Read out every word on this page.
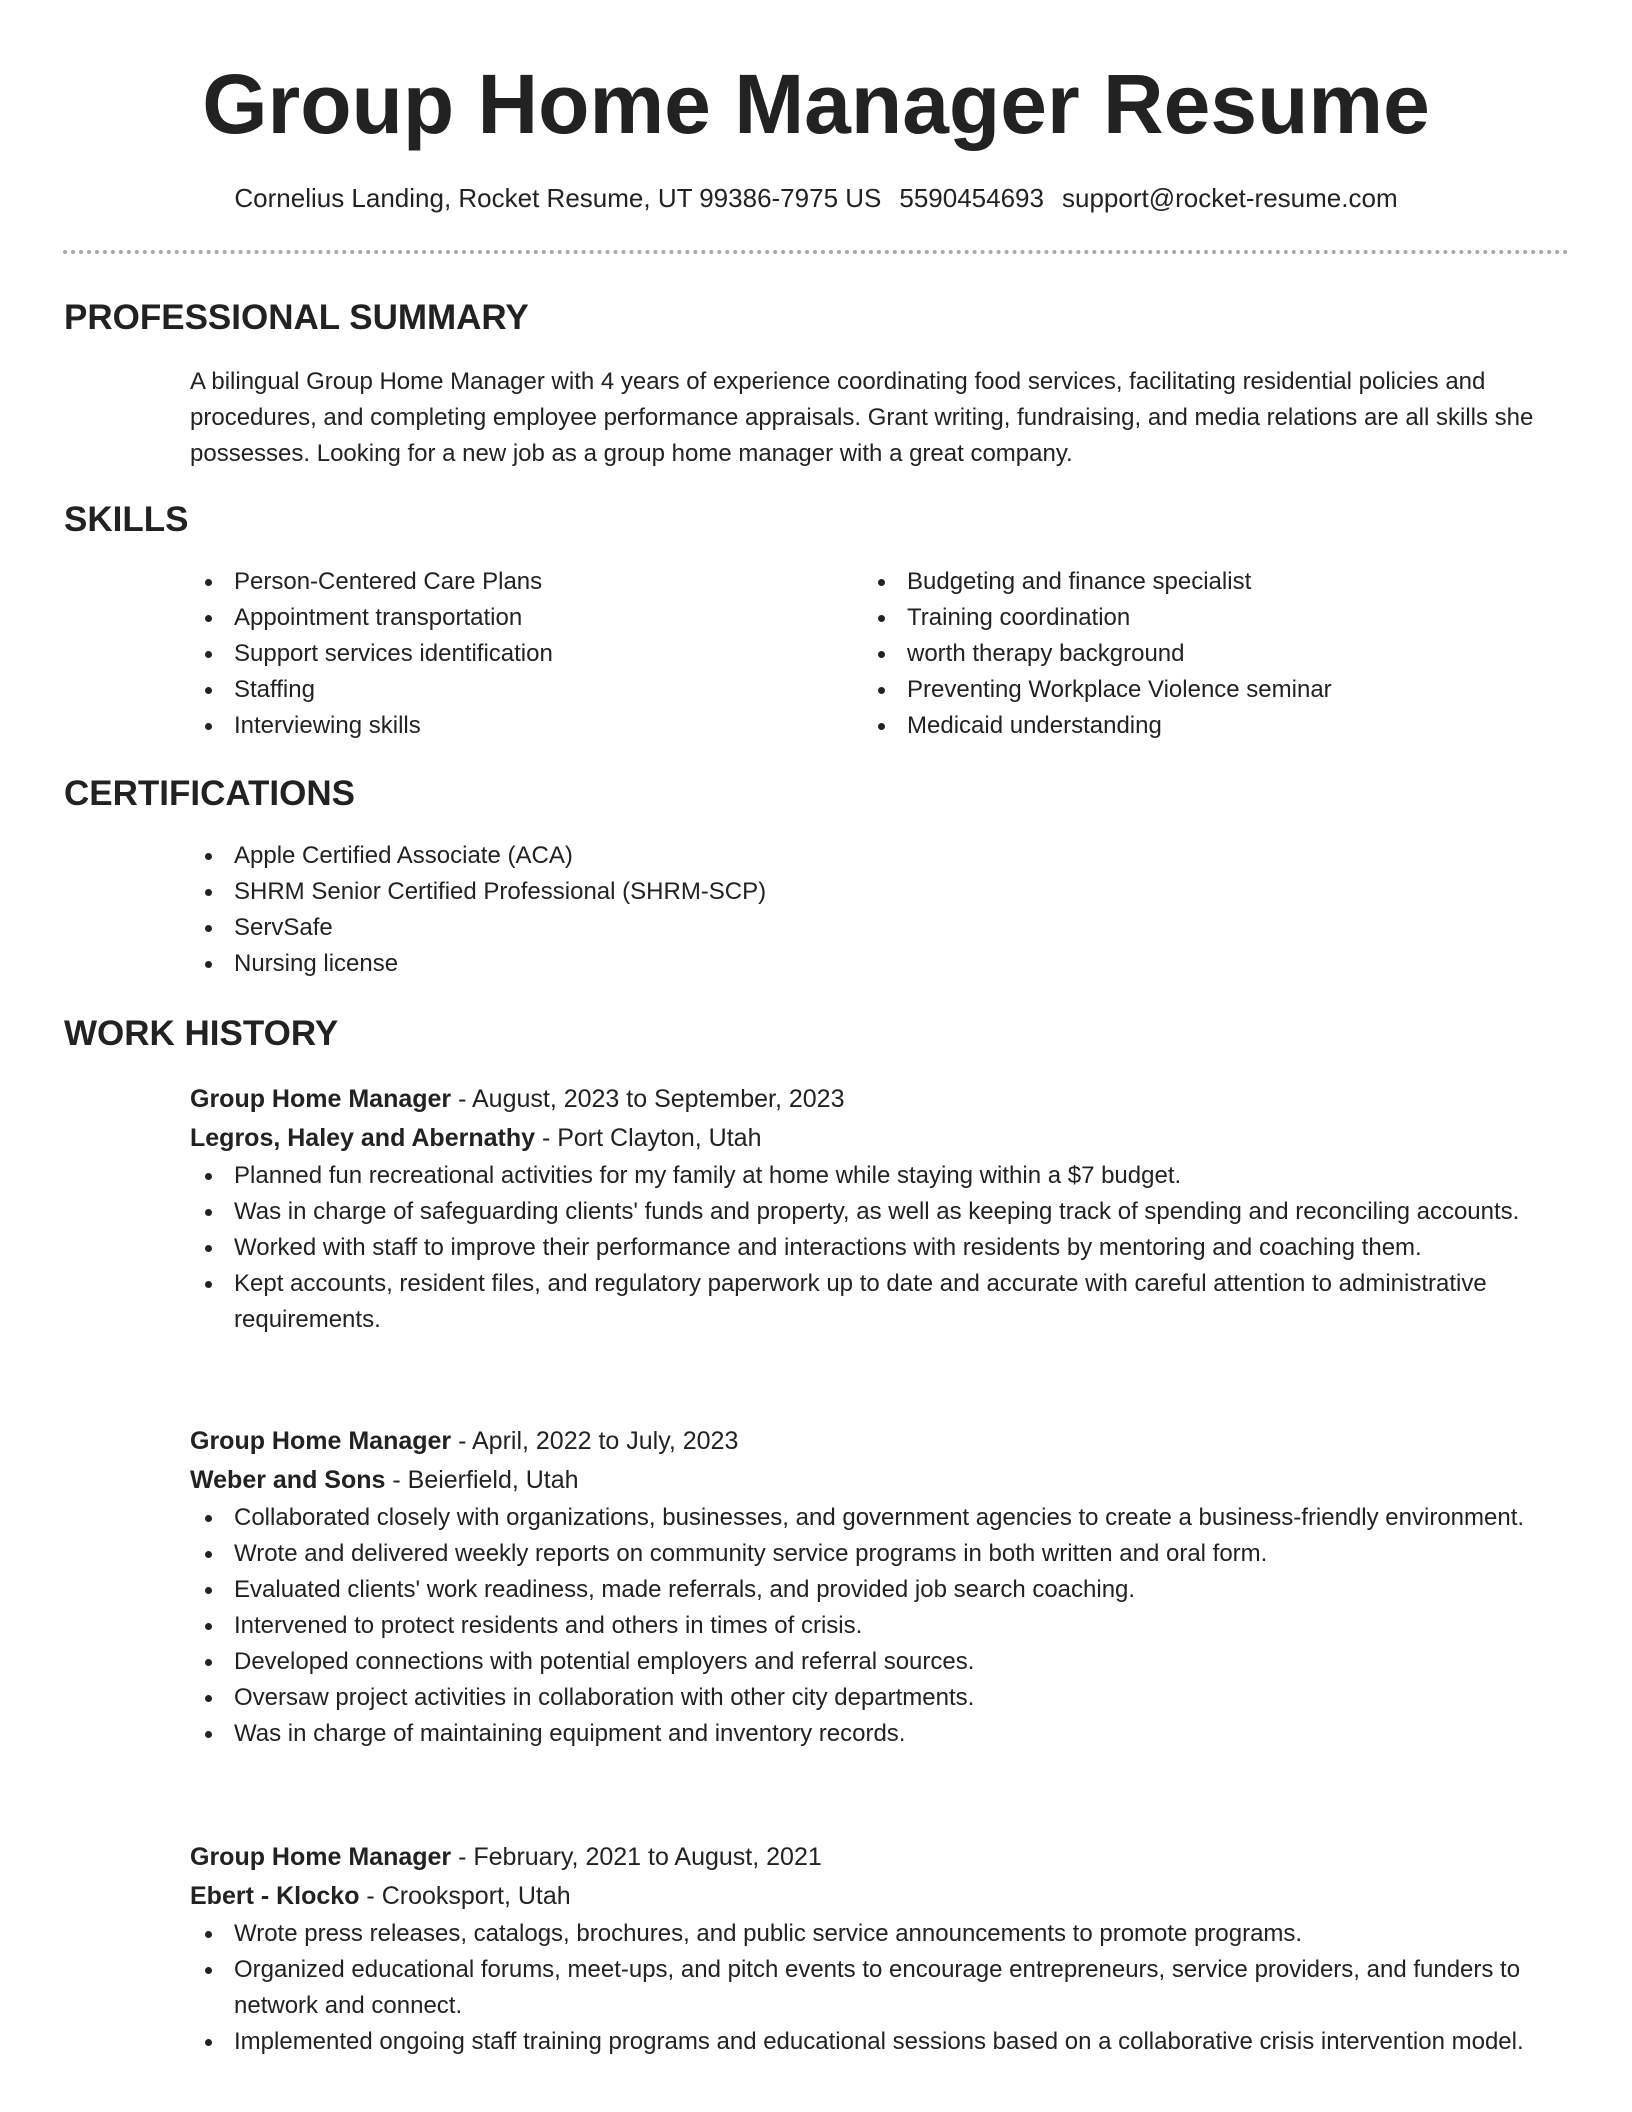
Group Home Manager Resume
Cornelius Landing, Rocket Resume, UT 99386-7975 US 5590454693 support@rocket-resume.com
PROFESSIONAL SUMMARY

A bilingual Group Home Manager with 4 years of experience coordinating food services, facilitating residential policies and procedures, and completing employee performance appraisals. Grant writing, fundraising, and media relations are all skills she possesses. Looking for a new job as a group home manager with a great company.

SKILLS
Person-Centered Care Plans
Appointment transportation
Support services identification
Staffing
Interviewing skills
Budgeting and finance specialist
Training coordination
worth therapy background
Preventing Workplace Violence seminar
Medicaid understanding
CERTIFICATIONS
Apple Certified Associate (ACA)
SHRM Senior Certified Professional (SHRM-SCP)
ServSafe
Nursing license
WORK HISTORY
Group Home Manager - August, 2023 to September, 2023
Legros, Haley and Abernathy - Port Clayton, Utah
Planned fun recreational activities for my family at home while staying within a $7 budget.
Was in charge of safeguarding clients' funds and property, as well as keeping track of spending and reconciling accounts.
Worked with staff to improve their performance and interactions with residents by mentoring and coaching them.
Kept accounts, resident files, and regulatory paperwork up to date and accurate with careful attention to administrative requirements.
Group Home Manager - April, 2022 to July, 2023
Weber and Sons - Beierfield, Utah
Collaborated closely with organizations, businesses, and government agencies to create a business-friendly environment.
Wrote and delivered weekly reports on community service programs in both written and oral form.
Evaluated clients' work readiness, made referrals, and provided job search coaching.
Intervened to protect residents and others in times of crisis.
Developed connections with potential employers and referral sources.
Oversaw project activities in collaboration with other city departments.
Was in charge of maintaining equipment and inventory records.
Group Home Manager - February, 2021 to August, 2021
Ebert - Klocko - Crooksport, Utah
Wrote press releases, catalogs, brochures, and public service announcements to promote programs.
Organized educational forums, meet-ups, and pitch events to encourage entrepreneurs, service providers, and funders to network and connect.
Implemented ongoing staff training programs and educational sessions based on a collaborative crisis intervention model.
